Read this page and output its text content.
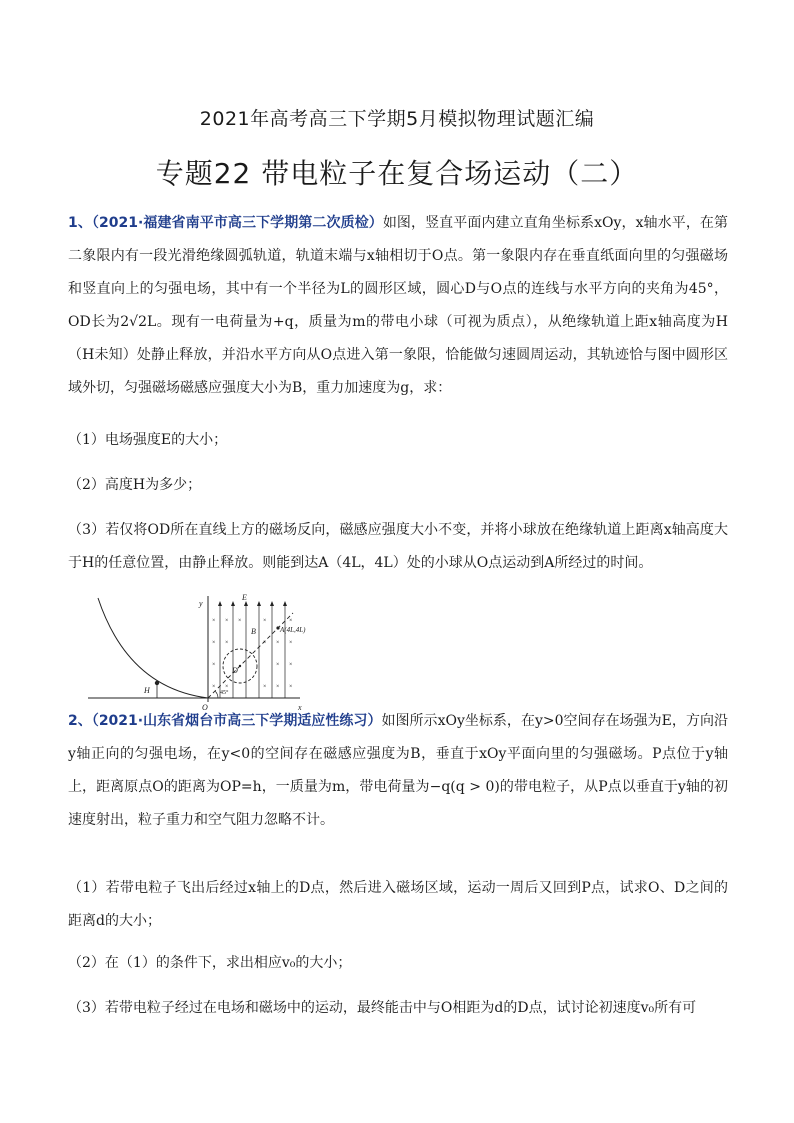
2021年高考高三下学期5月模拟物理试题汇编
专题22 带电粒子在复合场运动（二）

1、（2021·福建省南平市高三下学期第二次质检）如图，竖直平面内建立直角坐标系xOy，x轴水平，在第二象限内有一段光滑绝缘圆弧轨道，轨道末端与x轴相切于O点。第一象限内存在垂直纸面向里的匀强磁场和竖直向上的匀强电场，其中有一个半径为L的圆形区域，圆心D与O点的连线与水平方向的夹角为45°，OD长为2√2L。现有一电荷量为+q，质量为m的带电小球（可视为质点），从绝缘轨道上距x轴高度为H（H未知）处静止释放，并沿水平方向从O点进入第一象限，恰能做匀速圆周运动，其轨迹恰与图中圆形区域外切，匀强磁场磁感应强度大小为B，重力加速度为g，求：

（1）电场强度E的大小；

（2）高度H为多少；

（3）若仅将OD所在直线上方的磁场反向，磁感应强度大小不变，并将小球放在绝缘轨道上距离x轴高度大于H的任意位置，由静止释放。则能到达A（4L，4L）处的小球从O点运动到A所经过的时间。

H
×
×
×
×
×
×
×
×	×
×
×
×
×
×
×
×
×
×
y
E
B	A(4L,4L)
D
O	x
45°

2、（2021·山东省烟台市高三下学期适应性练习）如图所示xOy坐标系，在y>0空间存在场强为E，方向沿y轴正向的匀强电场，在y<0的空间存在磁感应强度为B，垂直于xOy平面向里的匀强磁场。P点位于y轴上，距离原点O的距离为OP=h，一质量为m，带电荷量为−q(q > 0)的带电粒子，从P点以垂直于y轴的初速度射出，粒子重力和空气阻力忽略不计。

（1）若带电粒子飞出后经过x轴上的D点，然后进入磁场区域，运动一周后又回到P点，试求O、D之间的距离d的大小；

（2）在（1）的条件下，求出相应v₀的大小；

（3）若带电粒子经过在电场和磁场中的运动，最终能击中与O相距为d的D点，试讨论初速度v₀所有可
